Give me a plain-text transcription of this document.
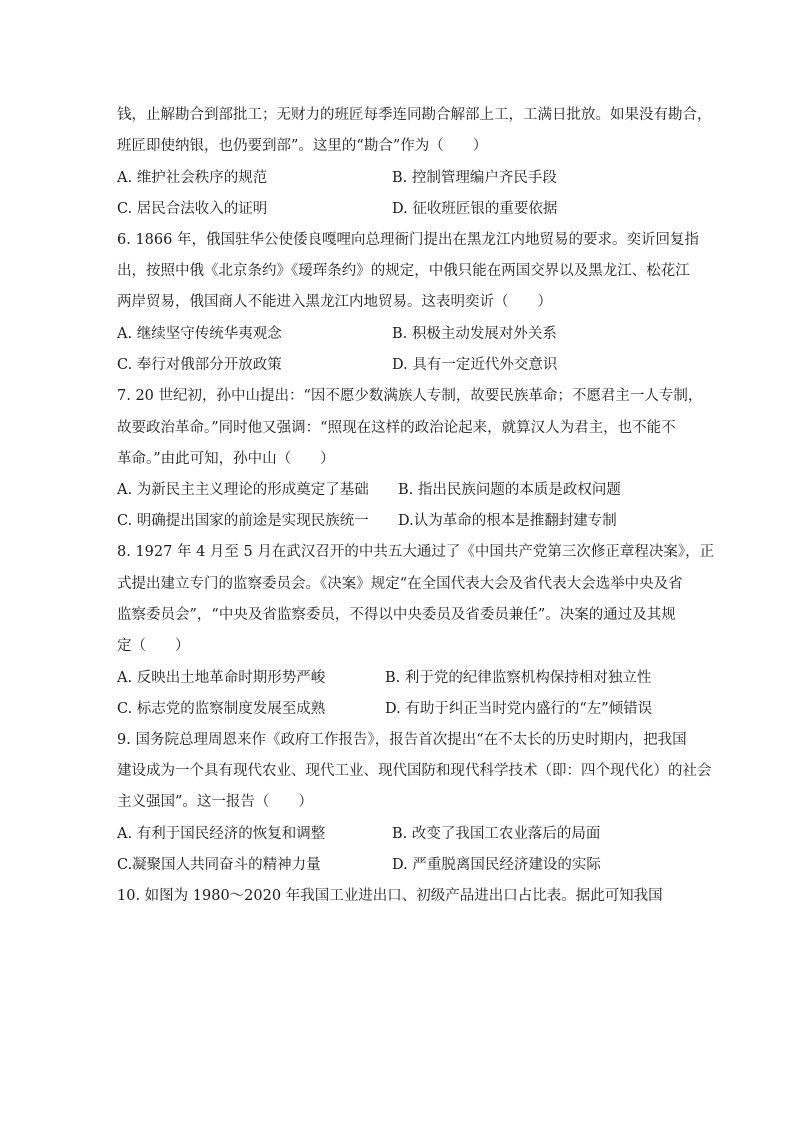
钱，止解勘合到部批工；无财力的班匠每季连同勘合解部上工，工满日批放。如果没有勘合，
班匠即使纳银，也仍要到部”。这里的“勘合”作为（　　）
A. 维护社会秩序的规范	B. 控制管理编户齐民手段
C. 居民合法收入的证明	D. 征收班匠银的重要依据
6. 1866 年，俄国驻华公使倭良嘎哩向总理衙门提出在黑龙江内地贸易的要求。奕䜣回复指
出，按照中俄《北京条约》《瑷珲条约》的规定，中俄只能在两国交界以及黑龙江、松花江
两岸贸易，俄国商人不能进入黑龙江内地贸易。这表明奕䜣（　　）
A. 继续坚守传统华夷观念	B. 积极主动发展对外关系
C. 奉行对俄部分开放政策	D. 具有一定近代外交意识
7. 20 世纪初，孙中山提出：“因不愿少数满族人专制，故要民族革命；不愿君主一人专制，
故要政治革命。”同时他又强调：“照现在这样的政治论起来，就算汉人为君主，也不能不
革命。”由此可知，孙中山（　　）
A. 为新民主主义理论的形成奠定了基础 B. 指出民族问题的本质是政权问题
C. 明确提出国家的前途是实现民族统一 D.认为革命的根本是推翻封建专制
8. 1927 年 4 月至 5 月在武汉召开的中共五大通过了《中国共产党第三次修正章程决案》，正
式提出建立专门的监察委员会。《决案》规定“在全国代表大会及省代表大会选举中央及省
监察委员会”，“中央及省监察委员，不得以中央委员及省委员兼任”。决案的通过及其规
定（　　）
A. 反映出土地革命时期形势严峻	B. 利于党的纪律监察机构保持相对独立性
C. 标志党的监察制度发展至成熟	D. 有助于纠正当时党内盛行的“左”倾错误
9. 国务院总理周恩来作《政府工作报告》，报告首次提出“在不太长的历史时期内，把我国
建设成为一个具有现代农业、现代工业、现代国防和现代科学技术（即：四个现代化）的社会
主义强国”。这一报告（　　）
A. 有利于国民经济的恢复和调整	B. 改变了我国工农业落后的局面
C.凝聚国人共同奋斗的精神力量	D. 严重脱离国民经济建设的实际
10. 如图为 1980～2020 年我国工业进出口、初级产品进出口占比表。据此可知我国
